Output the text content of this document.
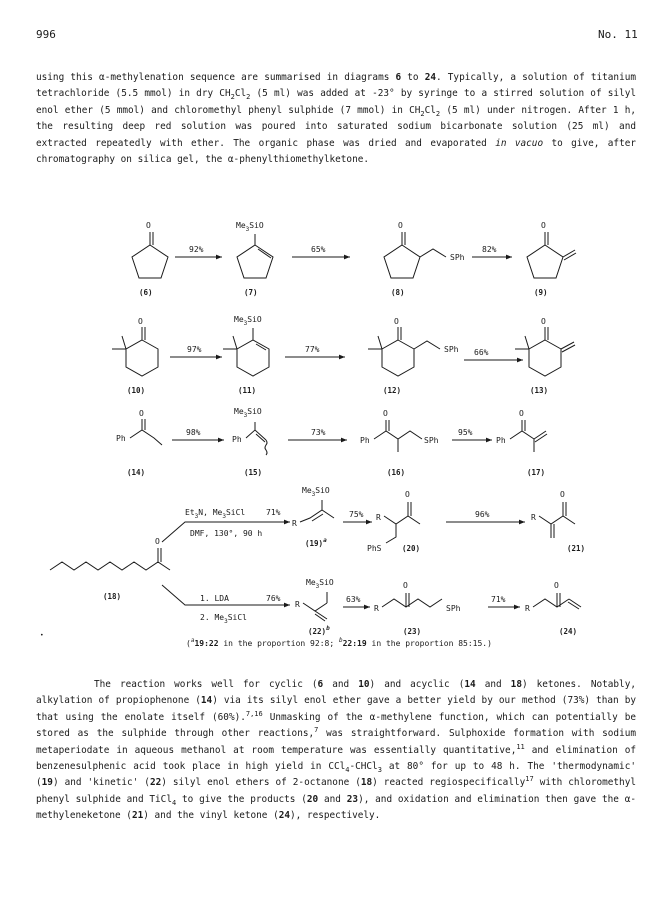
996	No. 11

using this α-methylenation sequence are summarised in diagrams 6 to 24. Typically, a solution of titanium tetrachloride (5.5 mmol) in dry $CH_2Cl_2$ (5 ml) was added at -23° by syringe to a stirred solution of silyl enol ether (5 mmol) and chloromethyl phenyl sulphide (7 mmol) in $CH_2Cl_2$ (5 ml) under nitrogen. After 1 h, the resulting deep red solution was poured into saturated sodium bicarbonate solution (25 ml) and extracted repeatedly with ether. The organic phase was dried and evaporated in vacuo to give, after chromatography on silica gel, the α-phenylthiomethylketone.

O
(6)
92%
$Me_3SiO$
(7)
65%
O
SPh
(8)
82%
O
(9)
O
(10)
97%
$Me_3SiO$
(11)
77%
O
SPh
(12)
66%
O
(13)
Ph
O
(14)
98%
Ph
$Me_3SiO$
(15)
73%
Ph
O
SPh
(16)
95%
Ph
O
(17)
O
(18)
$Et_3N$, $Me_3SiCl$	71%
DMF, 130°, 90 h
R
$Me_3SiO$
$(19)^a$
75% R
O
PhS	(20)
96%	R
O
(21)
1. LDA	76%
2. $Me_3SiCl$
R
$Me_3SiO$
$(22)^b$
63%
R
O
SPh
(23)
71%
R
O
(24)
•
($^a$19:22 in the proportion 92:8; $^b$22:19 in the proportion 85:15.)

The reaction works well for cyclic (6 and 10) and acyclic (14 and 18) ketones. Notably, alkylation of propiophenone (14) via its silyl enol ether gave a better yield by our method (73%) than by that using the enolate itself (60%).$^{7,16}$ Unmasking of the α-methylene function, which can potentially be stored as the sulphide through other reactions,$^7$ was straightforward. Sulphoxide formation with sodium metaperiodate in aqueous methanol at room temperature was essentially quantitative,$^{11}$ and elimination of benzenesulphenic acid took place in high yield in CCl$_4$-CHCl$_3$ at 80° for up to 48 h. The 'thermodynamic' (19) and 'kinetic' (22) silyl enol ethers of 2-octanone (18) reacted regiospecifically$^{17}$ with chloromethyl phenyl sulphide and TiCl$_4$ to give the products (20 and 23), and oxidation and elimination then gave the α-methyleneketone (21) and the vinyl ketone (24), respectively.
